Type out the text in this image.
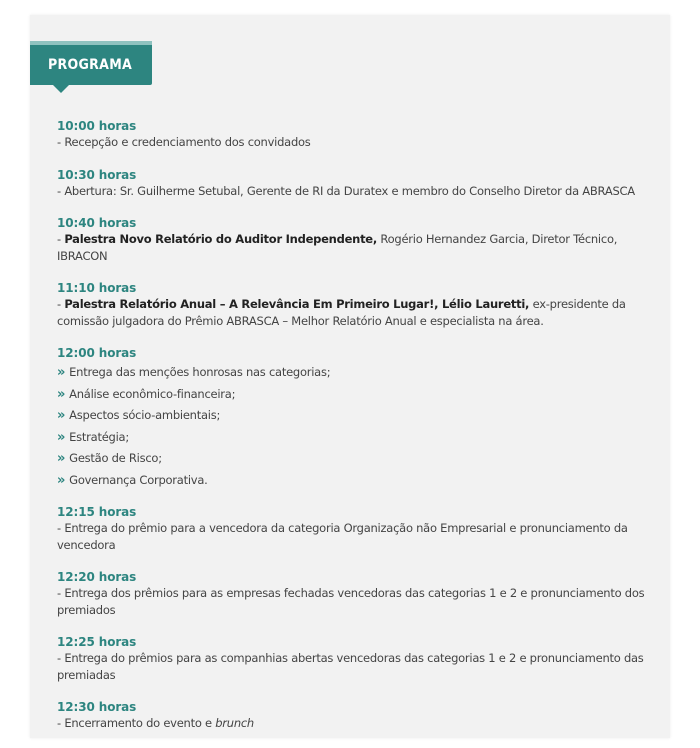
PROGRAMA
10:00 horas

- Recepção e credenciamento dos convidados

10:30 horas

- Abertura: Sr. Guilherme Setubal, Gerente de RI da Duratex e membro do Conselho Diretor da ABRASCA

10:40 horas

- Palestra Novo Relatório do Auditor Independente, Rogério Hernandez Garcia, Diretor Técnico, IBRACON

11:10 horas

- Palestra Relatório Anual – A Relevância Em Primeiro Lugar!, Lélio Lauretti, ex-presidente da comissão julgadora do Prêmio ABRASCA – Melhor Relatório Anual e especialista na área.

12:00 horas
» Entrega das menções honrosas nas categorias;
» Análise econômico-financeira;
» Aspectos sócio-ambientais;
» Estratégia;
» Gestão de Risco;
» Governança Corporativa.
12:15 horas

- Entrega do prêmio para a vencedora da categoria Organização não Empresarial e pronunciamento da vencedora

12:20 horas

- Entrega dos prêmios para as empresas fechadas vencedoras das categorias 1 e 2 e pronunciamento dos premiados

12:25 horas

- Entrega do prêmios para as companhias abertas vencedoras das categorias 1 e 2 e pronunciamento das premiadas

12:30 horas

- Encerramento do evento e brunch
